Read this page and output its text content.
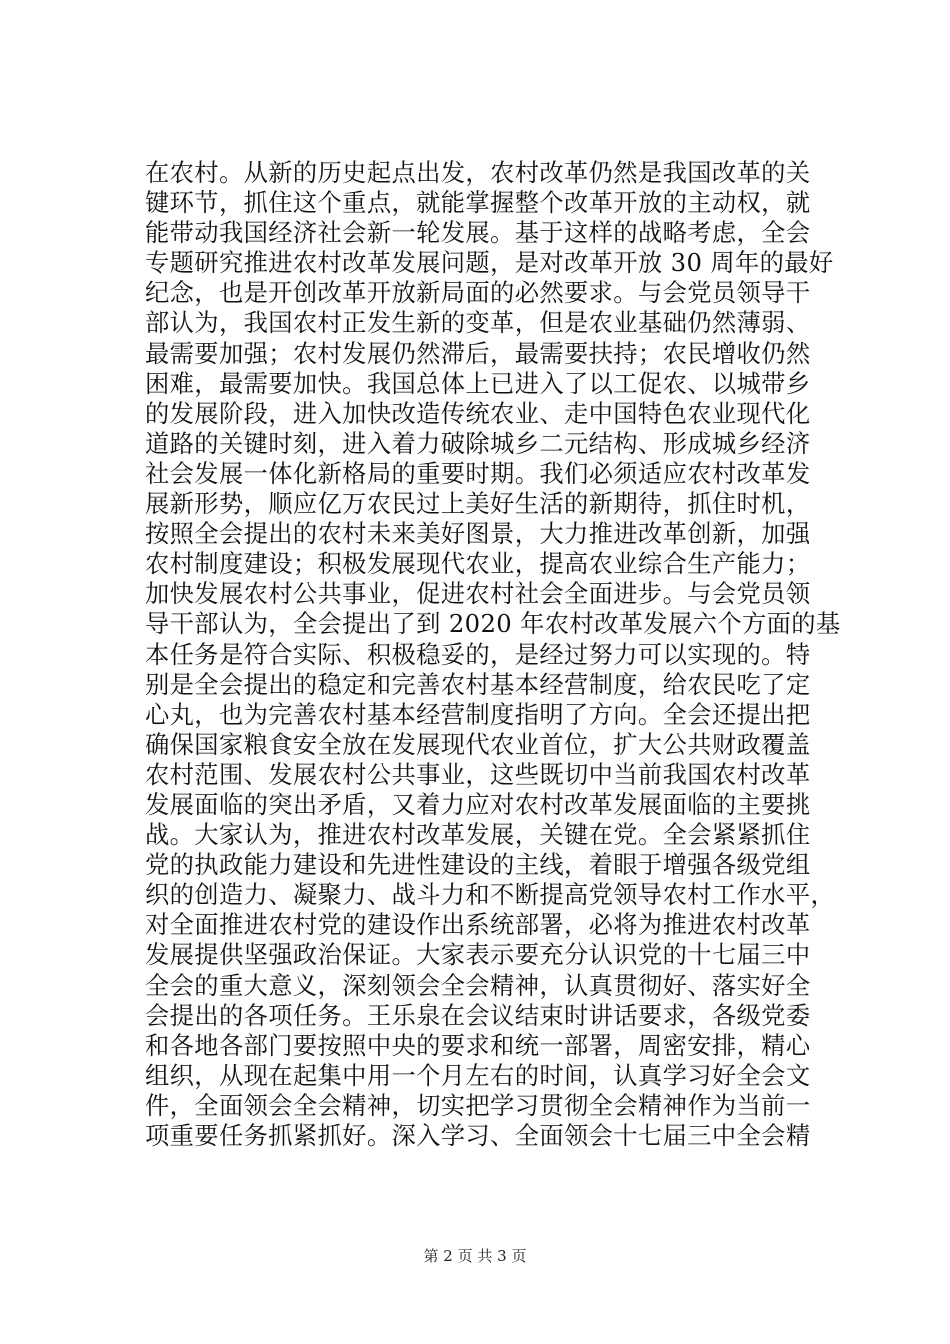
在农村。从新的历史起点出发，农村改革仍然是我国改革的关
键环节，抓住这个重点，就能掌握整个改革开放的主动权，就
能带动我国经济社会新一轮发展。基于这样的战略考虑，全会
专题研究推进农村改革发展问题，是对改革开放 30 周年的最好
纪念，也是开创改革开放新局面的必然要求。与会党员领导干
部认为，我国农村正发生新的变革，但是农业基础仍然薄弱、
最需要加强；农村发展仍然滞后，最需要扶持；农民增收仍然
困难，最需要加快。我国总体上已进入了以工促农、以城带乡
的发展阶段，进入加快改造传统农业、走中国特色农业现代化
道路的关键时刻，进入着力破除城乡二元结构、形成城乡经济
社会发展一体化新格局的重要时期。我们必须适应农村改革发
展新形势，顺应亿万农民过上美好生活的新期待，抓住时机，
按照全会提出的农村未来美好图景，大力推进改革创新，加强
农村制度建设；积极发展现代农业，提高农业综合生产能力；
加快发展农村公共事业，促进农村社会全面进步。与会党员领
导干部认为，全会提出了到 2020 年农村改革发展六个方面的基
本任务是符合实际、积极稳妥的，是经过努力可以实现的。特
别是全会提出的稳定和完善农村基本经营制度，给农民吃了定
心丸，也为完善农村基本经营制度指明了方向。全会还提出把
确保国家粮食安全放在发展现代农业首位，扩大公共财政覆盖
农村范围、发展农村公共事业，这些既切中当前我国农村改革
发展面临的突出矛盾，又着力应对农村改革发展面临的主要挑
战。大家认为，推进农村改革发展，关键在党。全会紧紧抓住
党的执政能力建设和先进性建设的主线，着眼于增强各级党组
织的创造力、凝聚力、战斗力和不断提高党领导农村工作水平，
对全面推进农村党的建设作出系统部署，必将为推进农村改革
发展提供坚强政治保证。大家表示要充分认识党的十七届三中
全会的重大意义，深刻领会全会精神，认真贯彻好、落实好全
会提出的各项任务。王乐泉在会议结束时讲话要求，各级党委
和各地各部门要按照中央的要求和统一部署，周密安排，精心
组织，从现在起集中用一个月左右的时间，认真学习好全会文
件，全面领会全会精神，切实把学习贯彻全会精神作为当前一
项重要任务抓紧抓好。深入学习、全面领会十七届三中全会精
第 2 页 共 3 页
